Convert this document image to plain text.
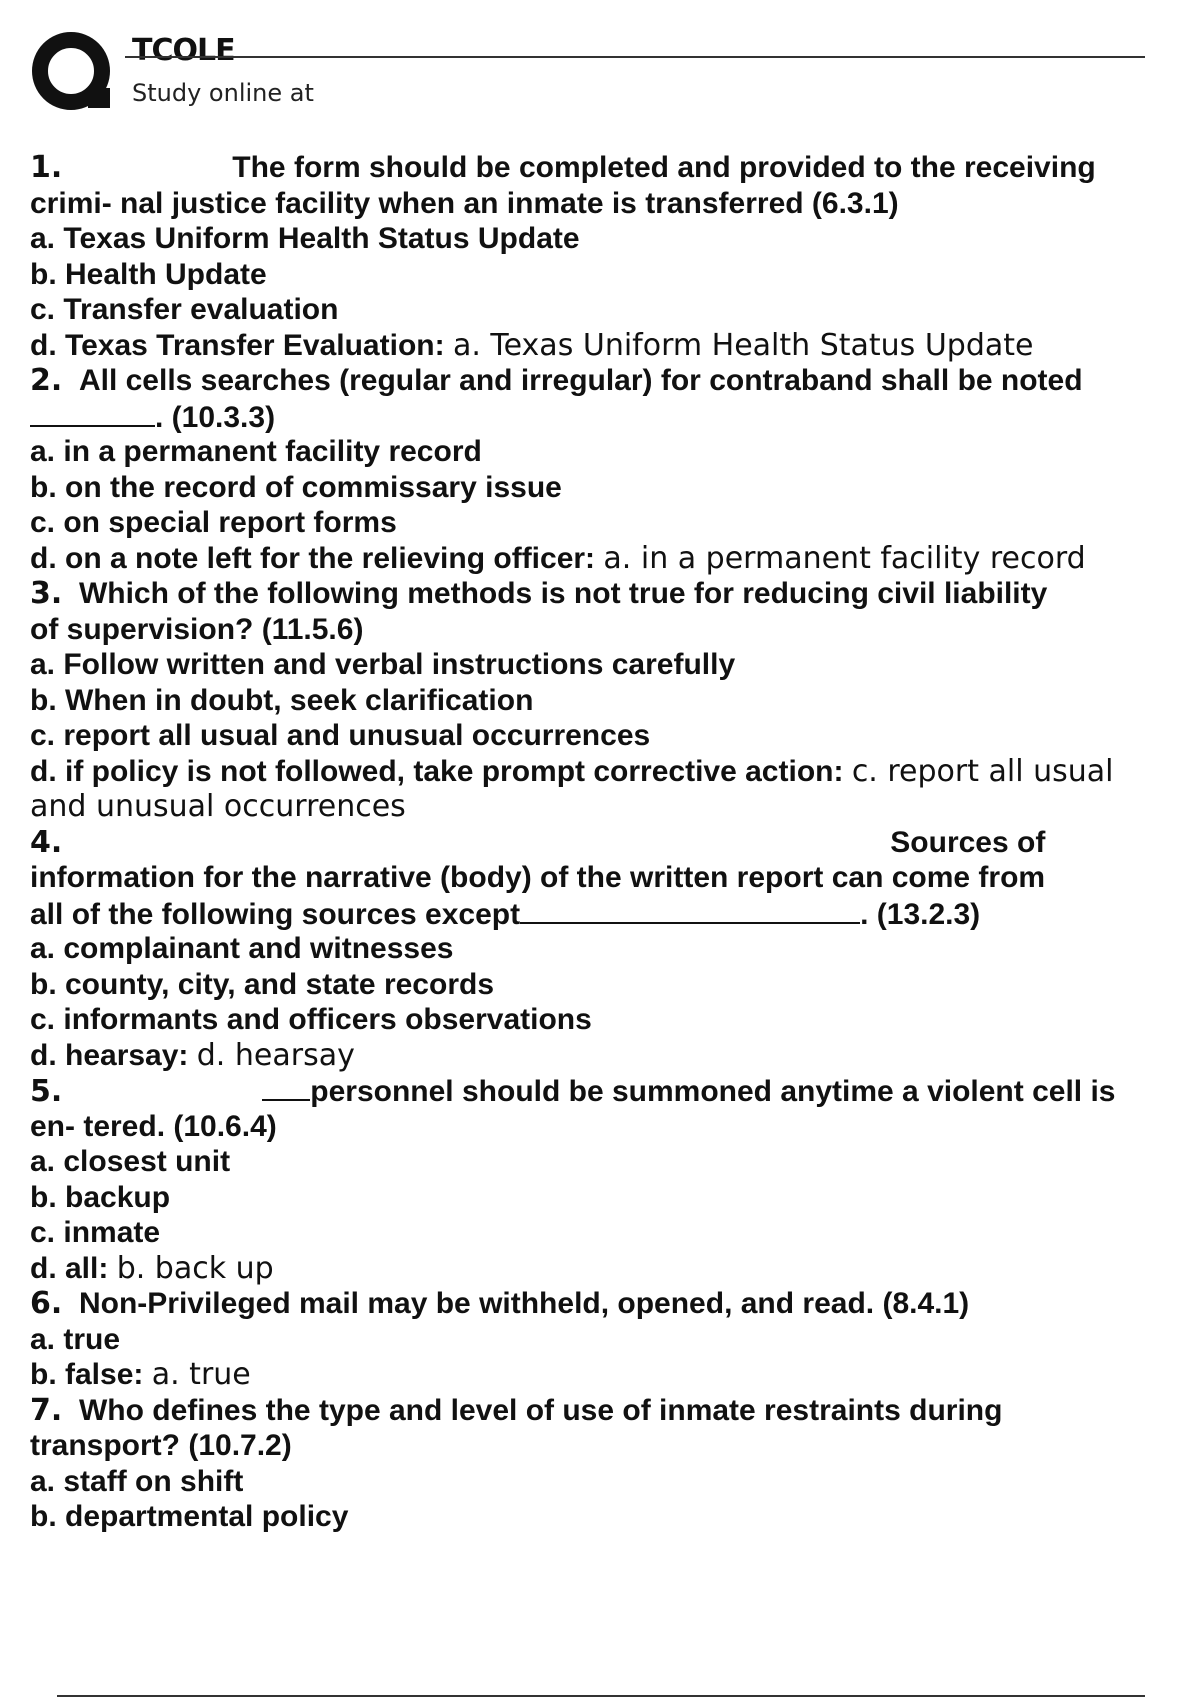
TCOLE
Study online at
1.	The form should be completed and provided to the receiving
crimi- nal justice facility when an inmate is transferred (6.3.1)
a. Texas Uniform Health Status Update
b. Health Update
c. Transfer evaluation
d. Texas Transfer Evaluation: a. Texas Uniform Health Status Update
2. All cells searches (regular and irregular) for contraband shall be noted
. (10.3.3)
a. in a permanent facility record
b. on the record of commissary issue
c. on special report forms
d. on a note left for the relieving officer: a. in a permanent facility record
3. Which of the following methods is not true for reducing civil liability
of supervision? (11.5.6)
a. Follow written and verbal instructions carefully
b. When in doubt, seek clarification
c. report all usual and unusual occurrences
d. if policy is not followed, take prompt corrective action: c. report all usual
and unusual occurrences
4.	Sources of
information for the narrative (body) of the written report can come from
all of the following sources except	. (13.2.3)
a. complainant and witnesses
b. county, city, and state records
c. informants and officers observations
d. hearsay: d. hearsay
5.	personnel should be summoned anytime a violent cell is
en- tered. (10.6.4)
a. closest unit
b. backup
c. inmate
d. all: b. back up
6. Non-Privileged mail may be withheld, opened, and read. (8.4.1)
a. true
b. false: a. true
7. Who defines the type and level of use of inmate restraints during
transport? (10.7.2)
a. staff on shift
b. departmental policy
